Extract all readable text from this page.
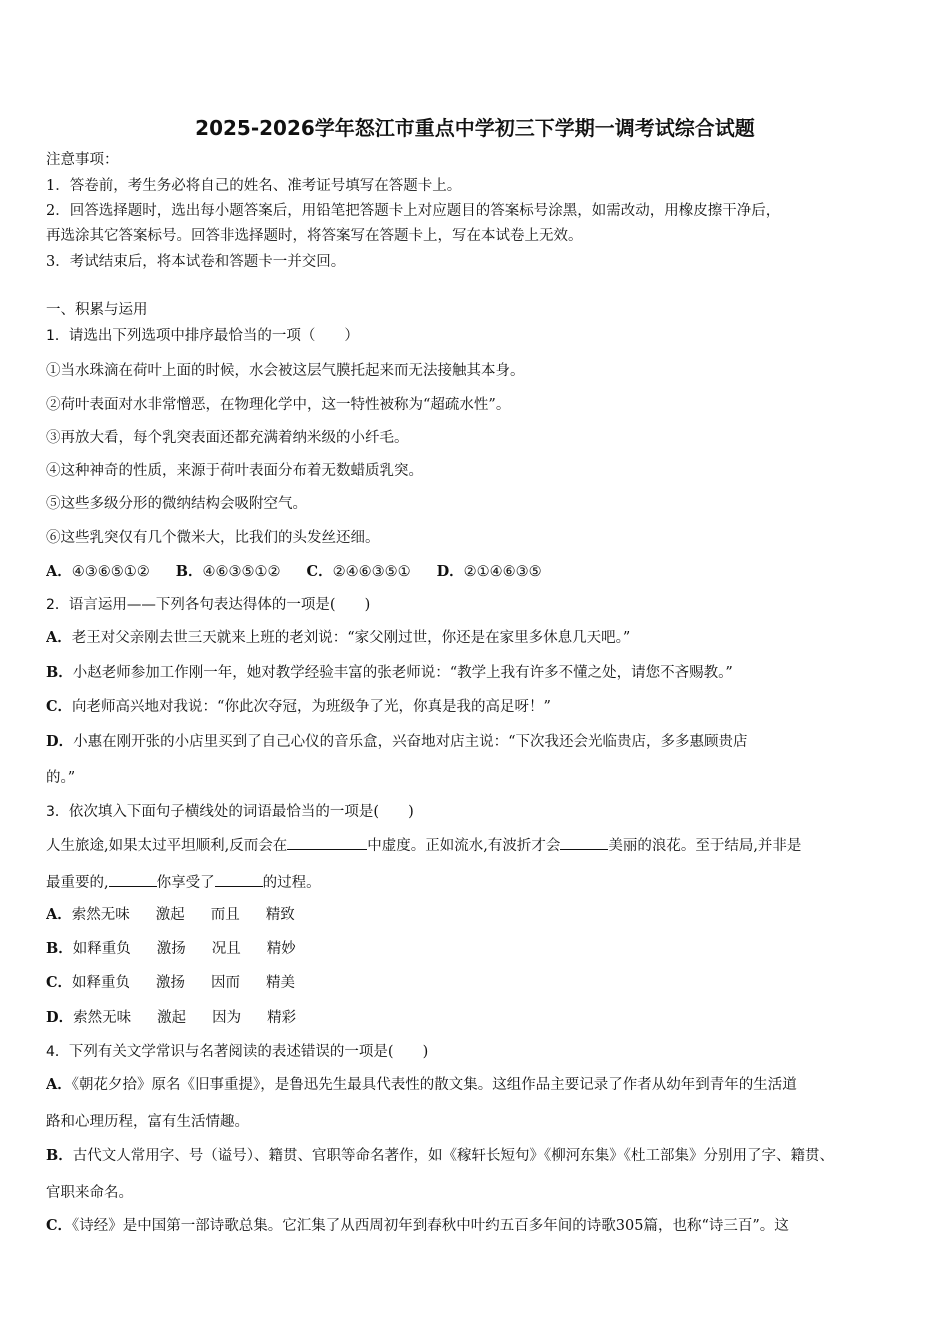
2025-2026学年怒江市重点中学初三下学期一调考试综合试题
注意事项：
1．答卷前，考生务必将自己的姓名、准考证号填写在答题卡上。
2．回答选择题时，选出每小题答案后，用铅笔把答题卡上对应题目的答案标号涂黑，如需改动，用橡皮擦干净后，
再选涂其它答案标号。回答非选择题时，将答案写在答题卡上，写在本试卷上无效。
3．考试结束后，将本试卷和答题卡一并交回。
一、积累与运用
1．请选出下列选项中排序最恰当的一项（　　）
①当水珠滴在荷叶上面的时候，水会被这层气膜托起来而无法接触其本身。
②荷叶表面对水非常憎恶，在物理化学中，这一特性被称为“超疏水性”。
③再放大看，每个乳突表面还都充满着纳米级的小纤毛。
④这种神奇的性质，来源于荷叶表面分布着无数蜡质乳突。
⑤这些多级分形的微纳结构会吸附空气。
⑥这些乳突仅有几个微米大，比我们的头发丝还细。
A．④③⑥⑤①② B．④⑥③⑤①② C．②④⑥③⑤① D．②①④⑥③⑤
2．语言运用——下列各句表达得体的一项是(　　)
A．老王对父亲刚去世三天就来上班的老刘说：“家父刚过世，你还是在家里多休息几天吧。”
B．小赵老师参加工作刚一年，她对教学经验丰富的张老师说：“教学上我有许多不懂之处，请您不吝赐教。”
C．向老师高兴地对我说：“你此次夺冠，为班级争了光，你真是我的高足呀！”
D．小惠在刚开张的小店里买到了自己心仪的音乐盒，兴奋地对店主说：“下次我还会光临贵店，多多惠顾贵店
的。”
3．依次填入下面句子横线处的词语最恰当的一项是(　　)
人生旅途,如果太过平坦顺利,反而会在	中虚度。正如流水,有波折才会	美丽的浪花。至于结局,并非是
最重要的,	你享受了	的过程。
A．索然无味 激起 而且 精致
B．如释重负 激扬 况且 精妙
C．如释重负 激扬 因而 精美
D．索然无味 激起 因为 精彩
4．下列有关文学常识与名著阅读的表述错误的一项是(　　)
A．《朝花夕拾》原名《旧事重提》，是鲁迅先生最具代表性的散文集。这组作品主要记录了作者从幼年到青年的生活道
路和心理历程，富有生活情趣。
B．古代文人常用字、号（谥号）、籍贯、官职等命名著作，如《稼轩长短句》《柳河东集》《杜工部集》分别用了字、籍贯、
官职来命名。
C．《诗经》是中国第一部诗歌总集。它汇集了从西周初年到春秋中叶约五百多年间的诗歌305篇，也称“诗三百”。这
